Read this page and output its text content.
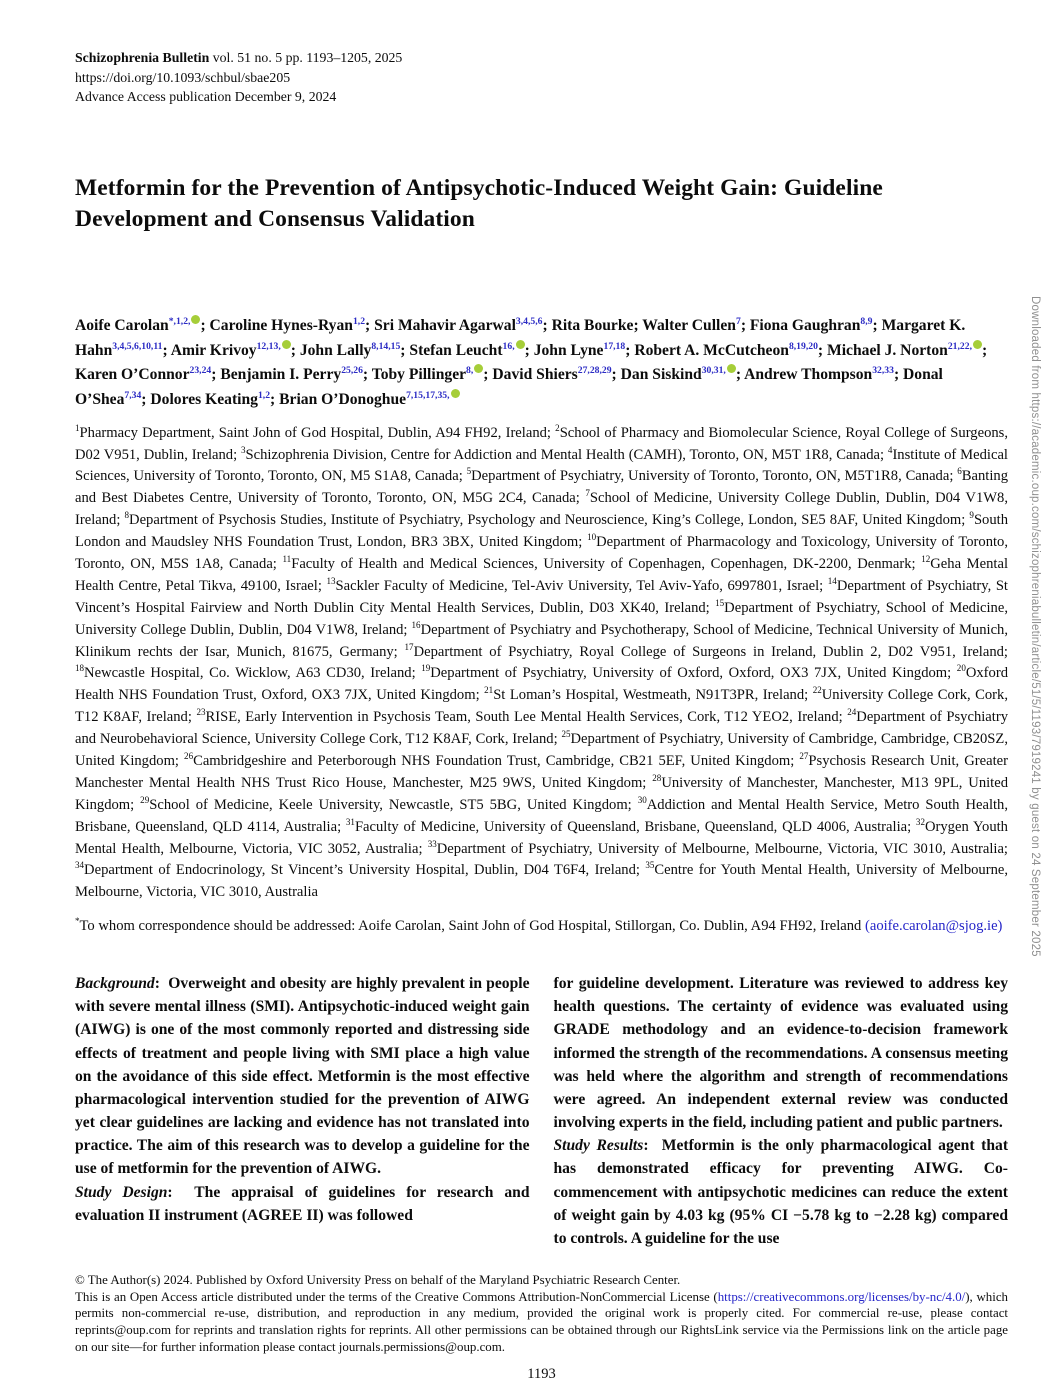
Schizophrenia Bulletin vol. 51 no. 5 pp. 1193–1205, 2025
https://doi.org/10.1093/schbul/sbae205
Advance Access publication December 9, 2024
Metformin for the Prevention of Antipsychotic-Induced Weight Gain: Guideline Development and Consensus Validation

Aoife Carolan$^{*,1,2,}$ ; Caroline Hynes-Ryan$^{1,2}$; Sri Mahavir Agarwal$^{3,4,5,6}$; Rita Bourke; Walter Cullen$^7$; Fiona Gaughran$^{8,9}$; Margaret K. Hahn$^{3,4,5,6,10,11}$; Amir Krivoy$^{12,13,}$ ; John Lally$^{8,14,15}$; Stefan Leucht$^{16,}$ ; John Lyne$^{17,18}$; Robert A. McCutcheon$^{8,19,20}$; Michael J. Norton$^{21,22,}$ ; Karen O’Connor$^{23,24}$; Benjamin I. Perry$^{25,26}$; Toby Pillinger$^{8,}$ ; David Shiers$^{27,28,29}$; Dan Siskind$^{30,31,}$ ; Andrew Thompson$^{32,33}$; Donal O’Shea$^{7,34}$; Dolores Keating$^{1,2}$; Brian O’Donoghue$^{7,15,17,35,}$

$^1$Pharmacy Department, Saint John of God Hospital, Dublin, A94 FH92, Ireland; $^2$School of Pharmacy and Biomolecular Science, Royal College of Surgeons, D02 V951, Dublin, Ireland; $^3$Schizophrenia Division, Centre for Addiction and Mental Health (CAMH), Toronto, ON, M5T 1R8, Canada; $^4$Institute of Medical Sciences, University of Toronto, Toronto, ON, M5 S1A8, Canada; $^5$Department of Psychiatry, University of Toronto, Toronto, ON, M5T1R8, Canada; $^6$Banting and Best Diabetes Centre, University of Toronto, Toronto, ON, M5G 2C4, Canada; $^7$School of Medicine, University College Dublin, Dublin, D04 V1W8, Ireland; $^8$Department of Psychosis Studies, Institute of Psychiatry, Psychology and Neuroscience, King’s College, London, SE5 8AF, United Kingdom; $^9$South London and Maudsley NHS Foundation Trust, London, BR3 3BX, United Kingdom; $^{10}$Department of Pharmacology and Toxicology, University of Toronto, Toronto, ON, M5S 1A8, Canada; $^{11}$Faculty of Health and Medical Sciences, University of Copenhagen, Copenhagen, DK-2200, Denmark; $^{12}$Geha Mental Health Centre, Petal Tikva, 49100, Israel; $^{13}$Sackler Faculty of Medicine, Tel-Aviv University, Tel Aviv-Yafo, 6997801, Israel; $^{14}$Department of Psychiatry, St Vincent’s Hospital Fairview and North Dublin City Mental Health Services, Dublin, D03 XK40, Ireland; $^{15}$Department of Psychiatry, School of Medicine, University College Dublin, Dublin, D04 V1W8, Ireland; $^{16}$Department of Psychiatry and Psychotherapy, School of Medicine, Technical University of Munich, Klinikum rechts der Isar, Munich, 81675, Germany; $^{17}$Department of Psychiatry, Royal College of Surgeons in Ireland, Dublin 2, D02 V951, Ireland; $^{18}$Newcastle Hospital, Co. Wicklow, A63 CD30, Ireland; $^{19}$Department of Psychiatry, University of Oxford, Oxford, OX3 7JX, United Kingdom; $^{20}$Oxford Health NHS Foundation Trust, Oxford, OX3 7JX, United Kingdom; $^{21}$St Loman’s Hospital, Westmeath, N91T3PR, Ireland; $^{22}$University College Cork, Cork, T12 K8AF, Ireland; $^{23}$RISE, Early Intervention in Psychosis Team, South Lee Mental Health Services, Cork, T12 YEO2, Ireland; $^{24}$Department of Psychiatry and Neurobehavioral Science, University College Cork, T12 K8AF, Cork, Ireland; $^{25}$Department of Psychiatry, University of Cambridge, Cambridge, CB20SZ, United Kingdom; $^{26}$Cambridgeshire and Peterborough NHS Foundation Trust, Cambridge, CB21 5EF, United Kingdom; $^{27}$Psychosis Research Unit, Greater Manchester Mental Health NHS Trust Rico House, Manchester, M25 9WS, United Kingdom; $^{28}$University of Manchester, Manchester, M13 9PL, United Kingdom; $^{29}$School of Medicine, Keele University, Newcastle, ST5 5BG, United Kingdom; $^{30}$Addiction and Mental Health Service, Metro South Health, Brisbane, Queensland, QLD 4114, Australia; $^{31}$Faculty of Medicine, University of Queensland, Brisbane, Queensland, QLD 4006, Australia; $^{32}$Orygen Youth Mental Health, Melbourne, Victoria, VIC 3052, Australia; $^{33}$Department of Psychiatry, University of Melbourne, Melbourne, Victoria, VIC 3010, Australia; $^{34}$Department of Endocrinology, St Vincent’s University Hospital, Dublin, D04 T6F4, Ireland; $^{35}$Centre for Youth Mental Health, University of Melbourne, Melbourne, Victoria, VIC 3010, Australia

*To whom correspondence should be addressed: Aoife Carolan, Saint John of God Hospital, Stillorgan, Co. Dublin, A94 FH92, Ireland (aoife.carolan@sjog.ie)

Background:  Overweight and obesity are highly prevalent in people with severe mental illness (SMI). Antipsychotic-induced weight gain (AIWG) is one of the most commonly reported and distressing side effects of treatment and people living with SMI place a high value on the avoidance of this side effect. Metformin is the most effective pharmacological intervention studied for the prevention of AIWG yet clear guidelines are lacking and evidence has not translated into practice. The aim of this research was to develop a guideline for the use of metformin for the prevention of AIWG.
Study Design:  The appraisal of guidelines for research and evaluation II instrument (AGREE II) was followed
for guideline development. Literature was reviewed to address key health questions. The certainty of evidence was evaluated using GRADE methodology and an evidence-to-decision framework informed the strength of the recommendations. A consensus meeting was held where the algorithm and strength of recommendations were agreed. An independent external review was conducted involving experts in the field, including patient and public partners.
Study Results:  Metformin is the only pharmacological agent that has demonstrated efficacy for preventing AIWG. Co-commencement with antipsychotic medicines can reduce the extent of weight gain by 4.03 kg (95% CI −5.78 kg to −2.28 kg) compared to controls. A guideline for the use
© The Author(s) 2024. Published by Oxford University Press on behalf of the Maryland Psychiatric Research Center.
This is an Open Access article distributed under the terms of the Creative Commons Attribution-NonCommercial License (https://creativecommons.org/licenses/by-nc/4.0/), which permits non-commercial re-use, distribution, and reproduction in any medium, provided the original work is properly cited. For commercial re-use, please contact reprints@oup.com for reprints and translation rights for reprints. All other permissions can be obtained through our RightsLink service via the Permissions link on the article page on our site—for further information please contact journals.permissions@oup.com.
1193
Downloaded from https://academic.oup.com/schizophreniabulletin/article/51/5/1193/7919241 by guest on 24 September 2025
